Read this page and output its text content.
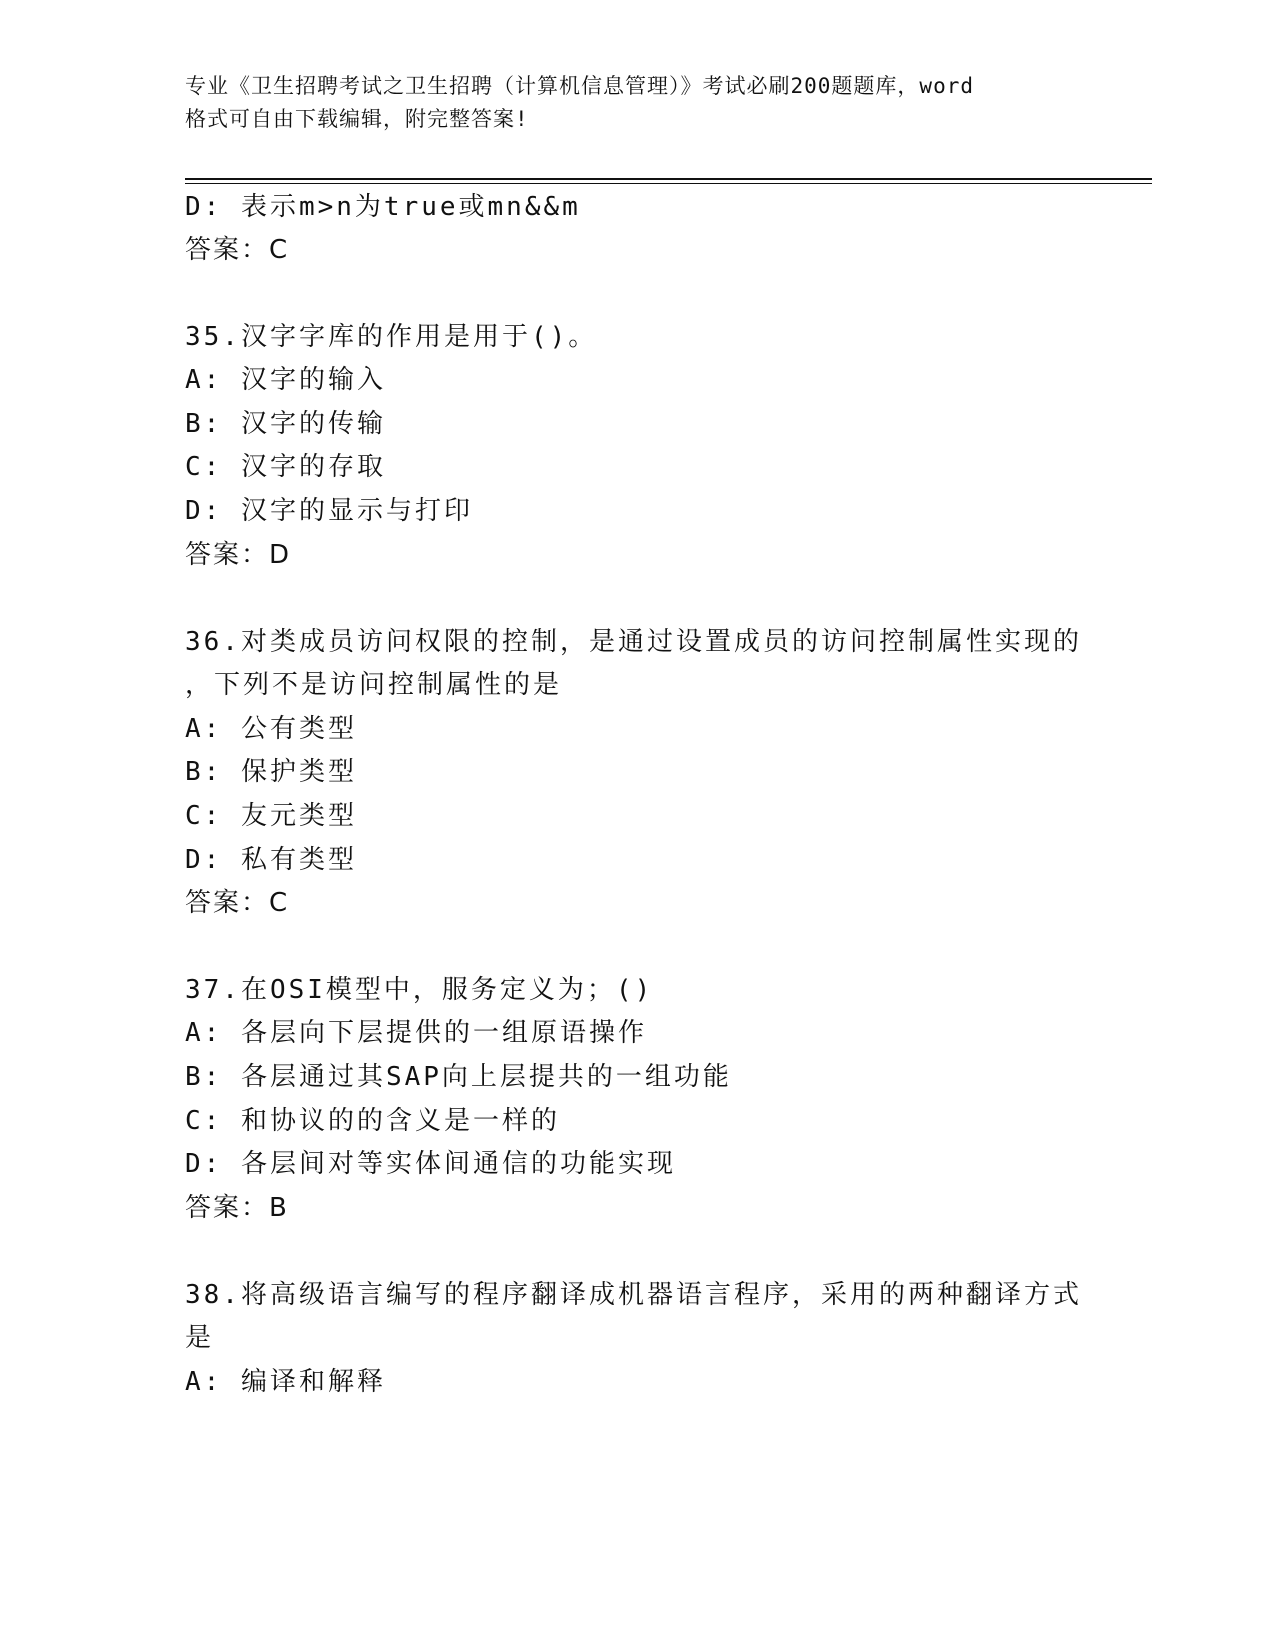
专业《卫生招聘考试之卫生招聘（计算机信息管理）》考试必刷200题题库，word
格式可自由下载编辑，附完整答案!
D: 表示m>n为true或mn&&m
答案：C
35.汉字字库的作用是用于()。
A: 汉字的输入
B: 汉字的传输
C: 汉字的存取
D: 汉字的显示与打印
答案：D
36.对类成员访问权限的控制，是通过设置成员的访问控制属性实现的
，下列不是访问控制属性的是
A: 公有类型
B: 保护类型
C: 友元类型
D: 私有类型
答案：C
37.在OSI模型中，服务定义为；()
A: 各层向下层提供的一组原语操作
B: 各层通过其SAP向上层提共的一组功能
C: 和协议的的含义是一样的
D: 各层间对等实体间通信的功能实现
答案：B
38.将高级语言编写的程序翻译成机器语言程序，采用的两种翻译方式
是
A: 编译和解释
